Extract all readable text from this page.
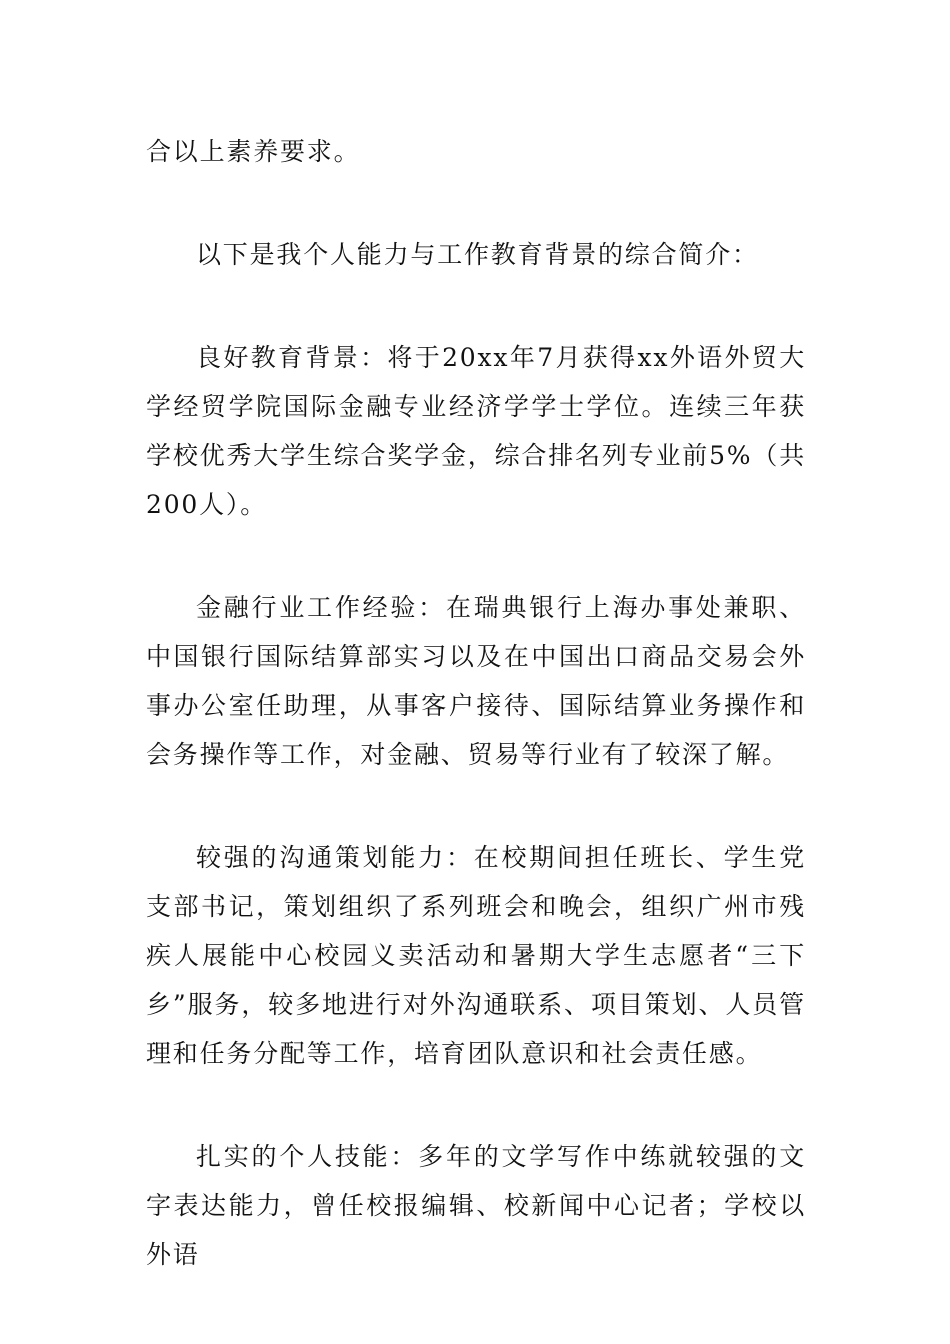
合以上素养要求。

以下是我个人能力与工作教育背景的综合简介：

良好教育背景：将于20xx年7月获得xx外语外贸大学经贸学院国际金融专业经济学学士学位。连续三年获学校优秀大学生综合奖学金，综合排名列专业前5%（共200人）。

金融行业工作经验：在瑞典银行上海办事处兼职、中国银行国际结算部实习以及在中国出口商品交易会外事办公室任助理，从事客户接待、国际结算业务操作和会务操作等工作，对金融、贸易等行业有了较深了解。

较强的沟通策划能力：在校期间担任班长、学生党支部书记，策划组织了系列班会和晚会，组织广州市残疾人展能中心校园义卖活动和暑期大学生志愿者“三下乡”服务，较多地进行对外沟通联系、项目策划、人员管理和任务分配等工作，培育团队意识和社会责任感。

扎实的个人技能：多年的文学写作中练就较强的文字表达能力，曾任校报编辑、校新闻中心记者；学校以外语
